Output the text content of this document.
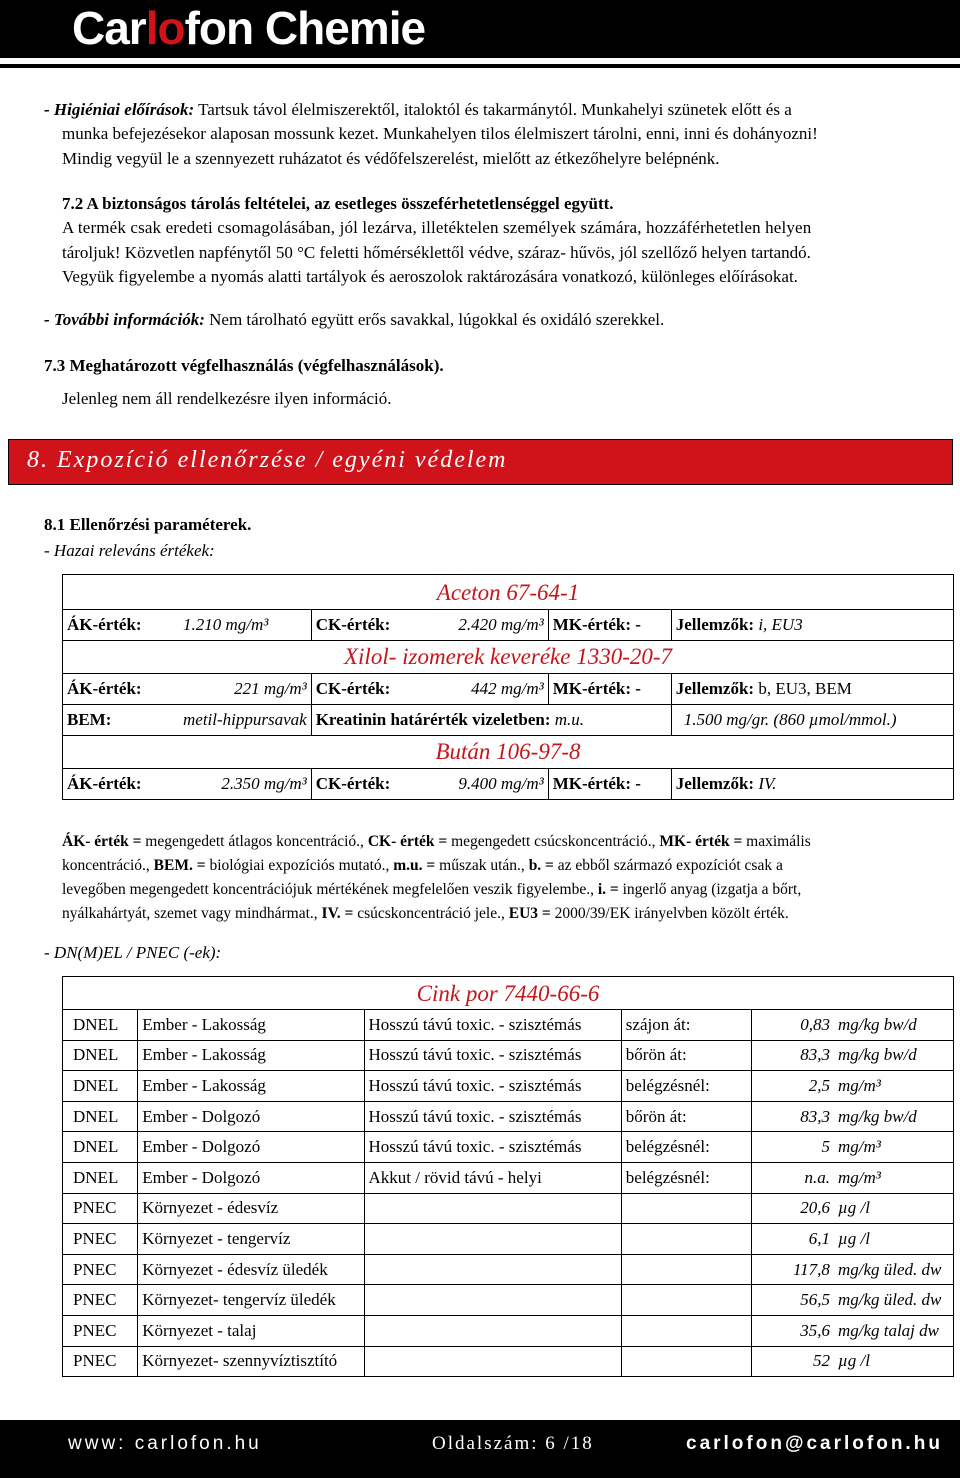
Carlofon Chemie
- Higiéniai előírások: Tartsuk távol élelmiszerektől, italoktól és takarmánytól. Munkahelyi szünetek előtt és a
munka befejezésekor alaposan mossunk kezet. Munkahelyen tilos élelmiszert tárolni, enni, inni és dohányozni!
Mindig vegyül le a szennyezett ruházatot és védőfelszerelést, mielőtt az étkezőhelyre belépnénk.
7.2 A biztonságos tárolás feltételei, az esetleges összeférhetetlenséggel együtt.
A termék csak eredeti csomagolásában, jól lezárva, illetéktelen személyek számára, hozzáférhetetlen helyen
tároljuk! Közvetlen napfénytől 50 °C feletti hőmérséklettől védve, száraz- hűvös, jól szellőző helyen tartandó.
Vegyük figyelembe a nyomás alatti tartályok és aeroszolok raktározására vonatkozó, különleges előírásokat.
- További információk: Nem tárolható együtt erős savakkal, lúgokkal és oxidáló szerekkel.
7.3 Meghatározott végfelhasználás (végfelhasználások).
Jelenleg nem áll rendelkezésre ilyen információ.
8. Expozíció ellenőrzése / egyéni védelem
8.1 Ellenőrzési paraméterek.
- Hazai releváns értékek:
Aceton 67-64-1					
ÁK-érték:	1.210 mg/m³	CK-érték:	2.420 mg/m³	MK-érték: -	Jellemzők: i, EU3
Xilol- izomerek keveréke 1330-20-7					
ÁK-érték:	221 mg/m³	CK-érték:	442 mg/m³	MK-érték: -	Jellemzők: b, EU3, BEM
BEM:	metil-hippursavak	Kreatinin határérték vizeletben: m.u.			1.500 mg/gr. (860 µmol/mmol.)
Bután 106-97-8					
ÁK-érték:	2.350 mg/m³	CK-érték:	9.400 mg/m³	MK-érték: -	Jellemzők: IV.
ÁK- érték = megengedett átlagos koncentráció., CK- érték = megengedett csúcskoncentráció., MK- érték = maximális
koncentráció., BEM. = biológiai expozíciós mutató., m.u. = műszak után., b. = az ebből származó expozíciót csak a
levegőben megengedett koncentrációjuk mértékének megfelelően veszik figyelembe., i. = ingerlő anyag (izgatja a bőrt,
nyálkahártyát, szemet vagy mindhármat., IV. = csúcskoncentráció jele., EU3 = 2000/39/EK irányelvben közölt érték.
- DN(M)EL / PNEC (-ek):
Cink por 7440-66-6					
DNEL	Ember - Lakosság	Hosszú távú toxic. - szisztémás	szájon át:	0,83	mg/kg bw/d
DNEL	Ember - Lakosság	Hosszú távú toxic. - szisztémás	bőrön át:	83,3	mg/kg bw/d
DNEL	Ember - Lakosság	Hosszú távú toxic. - szisztémás	belégzésnél:	2,5	mg/m³
DNEL	Ember - Dolgozó	Hosszú távú toxic. - szisztémás	bőrön át:	83,3	mg/kg bw/d
DNEL	Ember - Dolgozó	Hosszú távú toxic. - szisztémás	belégzésnél:	5	mg/m³
DNEL	Ember - Dolgozó	Akkut / rövid távú - helyi	belégzésnél:	n.a.	mg/m³
PNEC	Környezet - édesvíz			20,6	µg /l
PNEC	Környezet - tengervíz			6,1	µg /l
PNEC	Környezet - édesvíz üledék			117,8	mg/kg üled. dw
PNEC	Környezet- tengervíz üledék			56,5	mg/kg üled. dw
PNEC	Környezet - talaj			35,6	mg/kg talaj dw
PNEC	Környezet- szennyvíztisztító			52	µg /l
www: carlofon.hu	Oldalszám: 6 /18	carlofon@carlofon.hu
